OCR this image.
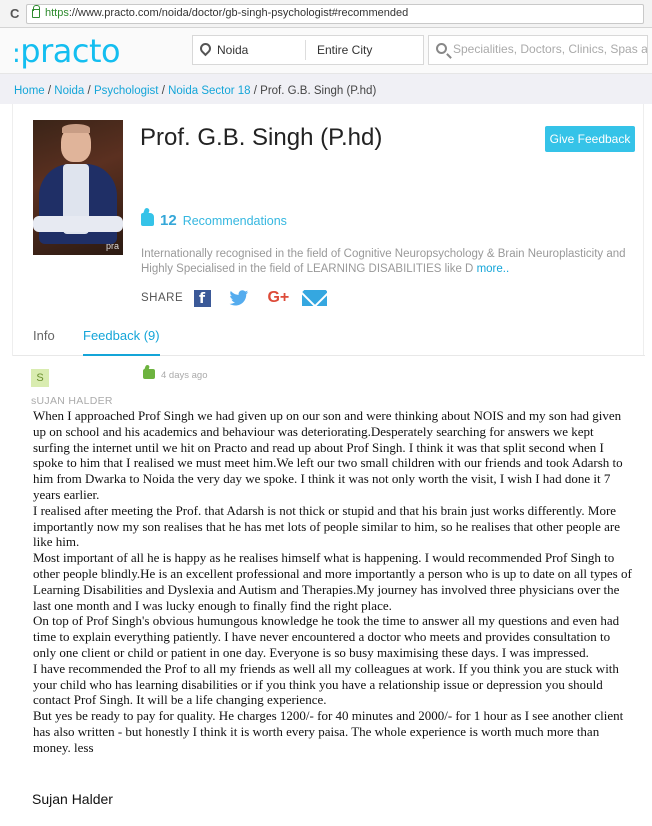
C https://www.practo.com/noida/doctor/gb-singh-psychologist#recommended
:practo	Noida	Entire City
Specialities, Doctors, Clinics, Spas and
Home / Noida / Psychologist / Noida Sector 18 / Prof. G.B. Singh (P.hd)
pra
Prof. G.B. Singh (P.hd)	Give Feedback
12 Recommendations
Internationally recognised in the field of Cognitive Neuropsychology & Brain Neuroplasticity and Highly Specialised in the field of LEARNING DISABILITIES like D more..
SHARE f	G+
Info Feedback (9)
S
sUJAN HALDER
4 days ago
When I approached Prof Singh we had given up on our son and were thinking about NOIS and my son had given up on school and his academics and behaviour was deteriorating.Desperately searching for answers we kept surfing the internet until we hit on Practo and read up about Prof Singh. I think it was that split second when I spoke to him that I realised we must meet him.We left our two small children with our friends and took Adarsh to him from Dwarka to Noida the very day we spoke. I think it was not only worth the visit, I wish I had done it 7 years earlier.
I realised after meeting the Prof. that Adarsh is not thick or stupid and that his brain just works differently. More importantly now my son realises that he has met lots of people similar to him, so he realises that other people are like him.
Most important of all he is happy as he realises himself what is happening. I would recommended Prof Singh to other people blindly.He is an excellent professional and more importantly a person who is up to date on all types of Learning Disabilities and Dyslexia and Autism and Therapies.My journey has involved three physicians over the last one month and I was lucky enough to finally find the right place.
On top of Prof Singh's obvious humungous knowledge he took the time to answer all my questions and even had time to explain everything patiently. I have never encountered a doctor who meets and provides consultation to only one client or child or patient in one day. Everyone is so busy maximising these days. I was impressed.
I have recommended the Prof to all my friends as well all my colleagues at work. If you think you are stuck with your child who has learning disabilities or if you think you have a relationship issue or depression you should contact Prof Singh. It will be a life changing experience.
But yes be ready to pay for quality. He charges 1200/- for 40 minutes and 2000/- for 1 hour as I see another client has also written - but honestly I think it is worth every paisa. The whole experience is worth much more than money. less
Sujan Halder
